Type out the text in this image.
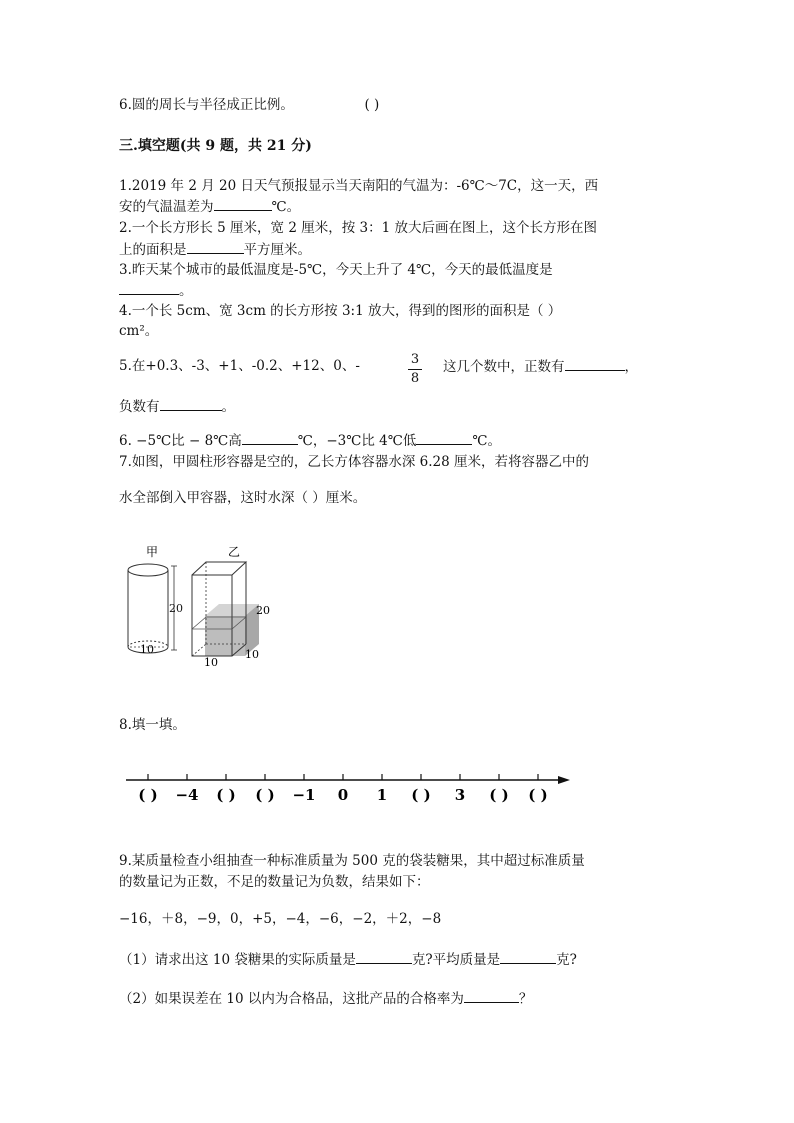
6.圆的周长与半径成正比例。	( )
三.填空题(共 9 题，共 21 分)
1.2019 年 2 月 20 日天气预报显示当天南阳的气温为：-6℃～7C，这一天，西
安的气温温差为	℃。
2.一个长方形长 5 厘米，宽 2 厘米，按 3：1 放大后画在图上，这个长方形在图
上的面积是	平方厘米。
3.昨天某个城市的最低温度是-5℃，今天上升了 4℃，今天的最低温度是
。
4.一个长 5cm、宽 3cm 的长方形按 3:1 放大，得到的图形的面积是（ ）
cm²。
5.在+0.3、-3、+1、-0.2、+12、0、-	3
8
这几个数中，正数有	，
负数有	。
6. −5℃比 − 8℃高	℃，−3℃比 4℃低	℃。
7.如图，甲圆柱形容器是空的，乙长方体容器水深 6.28 厘米，若将容器乙中的
水全部倒入甲容器，这时水深（ ）厘米。
甲
10
20
乙
20
10
10
8.填一填。
( ) −4 ( ) ( ) −1 0 1 ( ) 3 ( ) ( )
9.某质量检查小组抽查一种标准质量为 500 克的袋装糖果，其中超过标准质量
的数量记为正数，不足的数量记为负数，结果如下：
−16，＋8，−9，0，+5，−4，−6，−2，＋2，−8
（1）请求出这 10 袋糖果的实际质量是	克?平均质量是	克?
（2）如果误差在 10 以内为合格品，这批产品的合格率为	？
